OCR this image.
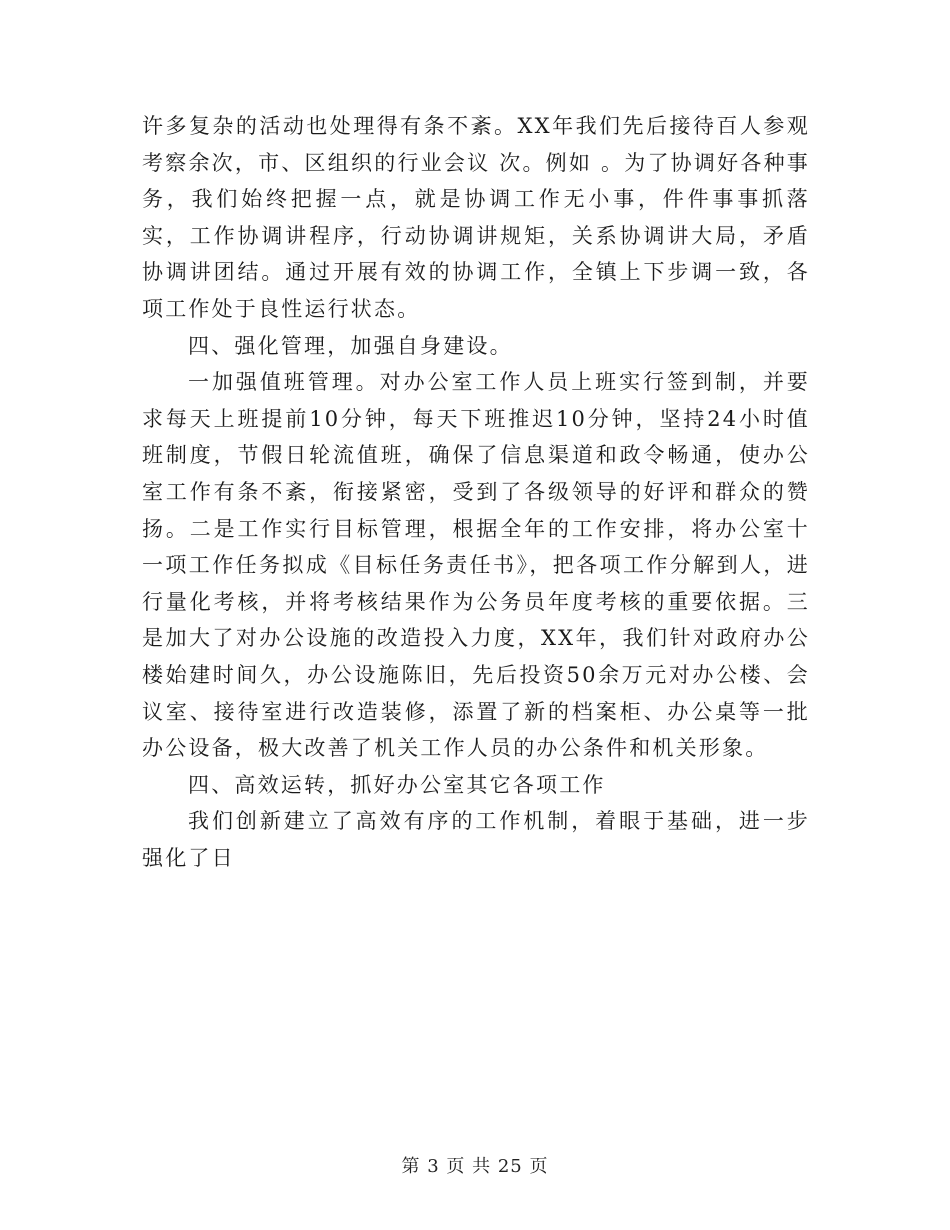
许多复杂的活动也处理得有条不紊。XX年我们先后接待百人参观考察余次，市、区组织的行业会议 次。例如 。为了协调好各种事务，我们始终把握一点，就是协调工作无小事，件件事事抓落实，工作协调讲程序，行动协调讲规矩，关系协调讲大局，矛盾协调讲团结。通过开展有效的协调工作，全镇上下步调一致，各项工作处于良性运行状态。

四、强化管理，加强自身建设。

一加强值班管理。对办公室工作人员上班实行签到制，并要求每天上班提前10分钟，每天下班推迟10分钟，坚持24小时值班制度，节假日轮流值班，确保了信息渠道和政令畅通，使办公室工作有条不紊，衔接紧密，受到了各级领导的好评和群众的赞扬。二是工作实行目标管理，根据全年的工作安排，将办公室十一项工作任务拟成《目标任务责任书》，把各项工作分解到人，进行量化考核，并将考核结果作为公务员年度考核的重要依据。三是加大了对办公设施的改造投入力度，XX年，我们针对政府办公楼始建时间久，办公设施陈旧，先后投资50余万元对办公楼、会议室、接待室进行改造装修，添置了新的档案柜、办公桌等一批办公设备，极大改善了机关工作人员的办公条件和机关形象。

四、高效运转，抓好办公室其它各项工作

我们创新建立了高效有序的工作机制，着眼于基础，进一步强化了日

第 3 页 共 25 页
